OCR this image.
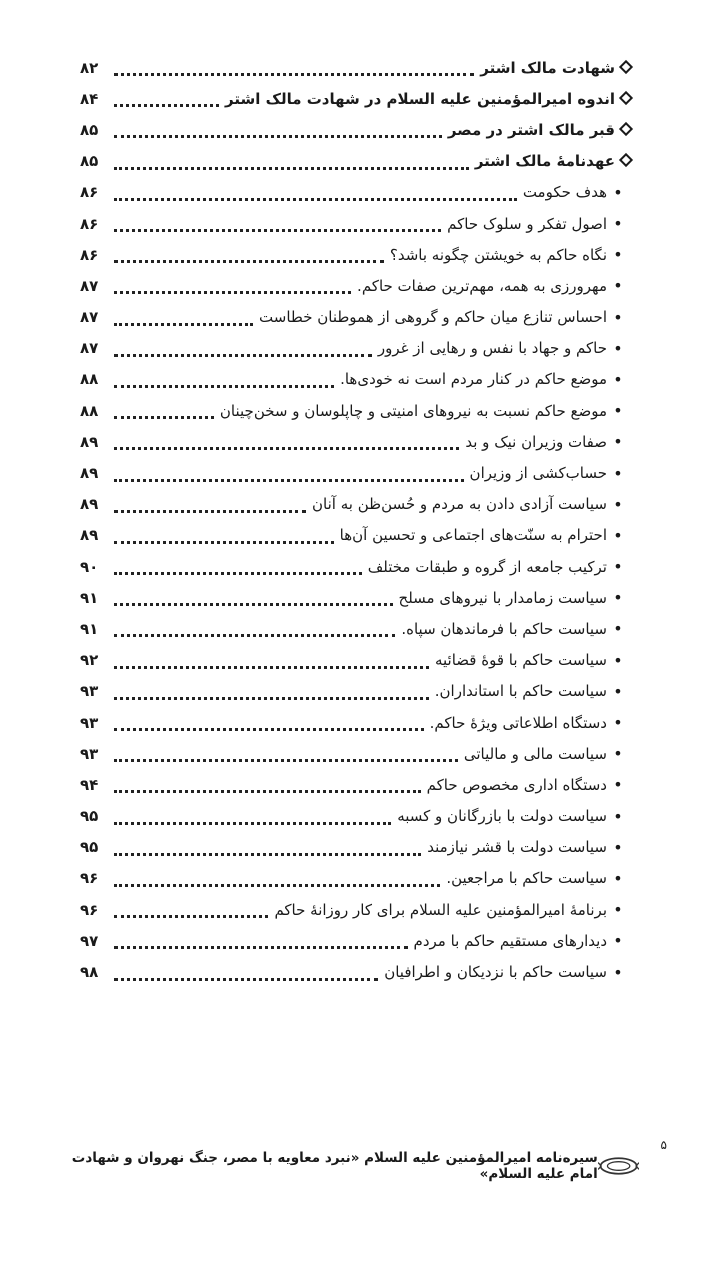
شهادت مالک اشتر
۸۲
اندوه امیرالمؤمنین علیه السلام در شهادت مالک اشتر
۸۴
قبر مالک اشتر در مصر
۸۵
عهدنامهٔ مالک اشتر
۸۵
•
هدف حکومت
۸۶
•
اصول تفکر و سلوک حاکم
۸۶
•
نگاه حاکم به خویشتن چگونه باشد؟
۸۶
•
مهرورزی به همه، مهم‌ترین صفات حاکم.
۸۷
•
احساس تنازع میان حاکم و گروهی از هموطنان خطاست
۸۷
•
حاکم و جهاد با نفس و رهایی از غرور
۸۷
•
موضع حاکم در کنار مردم است نه خودی‌ها.
۸۸
•
موضع حاکم نسبت به نیروهای امنیتی و چاپلوسان و سخن‌چینان
۸۸
•
صفات وزیران نیک و بد
۸۹
•
حساب‌کشی از وزیران
۸۹
•
سیاست آزادی دادن به مردم و حُسن‌ظن به آنان
۸۹
•
احترام به سنّت‌های اجتماعی و تحسین آن‌ها
۸۹
•
ترکیب جامعه از گروه و طبقات مختلف
۹۰
•
سیاست زمامدار با نیروهای مسلح
۹۱
•
سیاست حاکم با فرماندهان سپاه.
۹۱
•
سیاست حاکم با قوهٔ قضائیه
۹۲
•
سیاست حاکم با استانداران.
۹۳
•
دستگاه اطلاعاتی ویژهٔ حاکم.
۹۳
•
سیاست مالی و مالیاتی
۹۳
•
دستگاه اداری مخصوص حاکم
۹۴
•
سیاست دولت با بازرگانان و کسبه
۹۵
•
سیاست دولت با قشر نیازمند
۹۵
•
سیاست حاکم با مراجعین.
۹۶
•
برنامهٔ امیرالمؤمنین علیه السلام برای کار روزانهٔ حاکم
۹۶
•
دیدارهای مستقیم حاکم با مردم
۹۷
•
سیاست حاکم با نزدیکان و اطرافیان
۹۸
۵
سیره‌نامه امیرالمؤمنین علیه السلام «نبرد معاویه با مصر، جنگ نهروان و شهادت امام علیه السلام»
